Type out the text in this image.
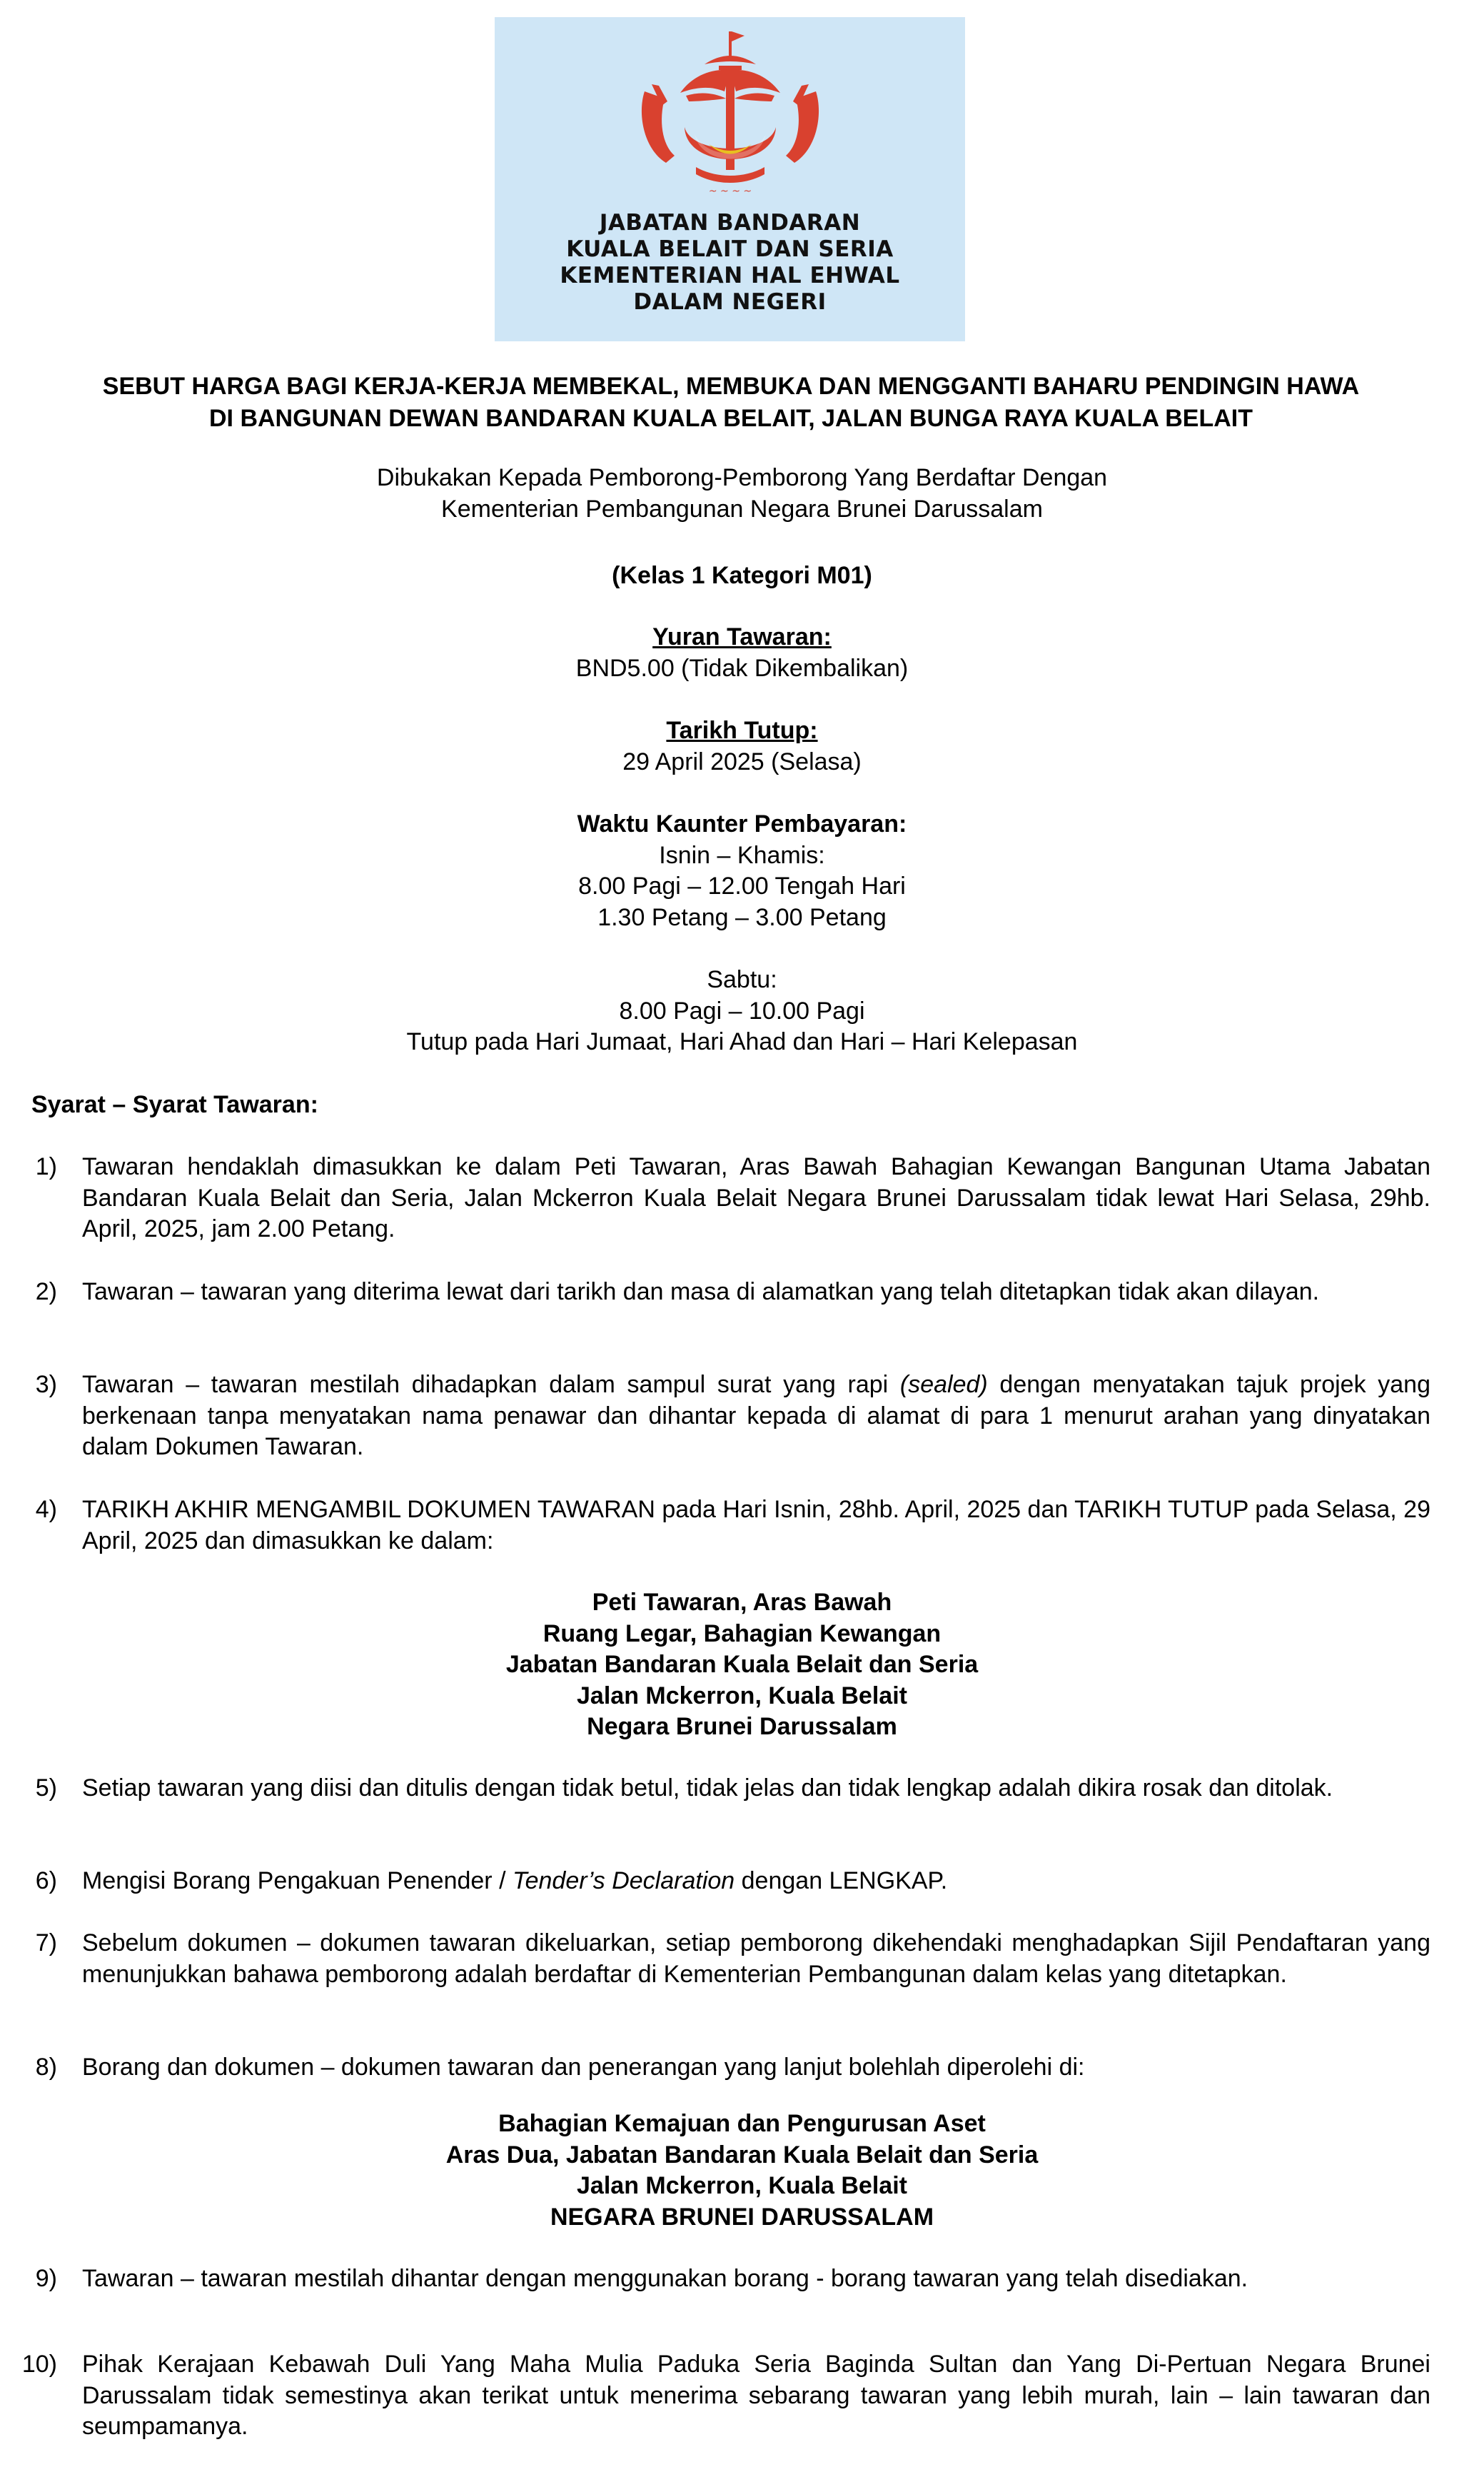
~ ~ ~ ~
JABATAN BANDARAN
KUALA BELAIT DAN SERIA
KEMENTERIAN HAL EHWAL
DALAM NEGERI
SEBUT HARGA BAGI KERJA-KERJA MEMBEKAL, MEMBUKA DAN MENGGANTI BAHARU PENDINGIN HAWA
DI BANGUNAN DEWAN BANDARAN KUALA BELAIT, JALAN BUNGA RAYA KUALA BELAIT
Dibukakan Kepada Pemborong-Pemborong Yang Berdaftar Dengan
Kementerian Pembangunan Negara Brunei Darussalam
(Kelas 1 Kategori M01)
Yuran Tawaran:
BND5.00 (Tidak Dikembalikan)
Tarikh Tutup:
29 April 2025 (Selasa)
Waktu Kaunter Pembayaran:
Isnin – Khamis:
8.00 Pagi – 12.00 Tengah Hari
1.30 Petang – 3.00 Petang
Sabtu:
8.00 Pagi – 10.00 Pagi
Tutup pada Hari Jumaat, Hari Ahad dan Hari – Hari Kelepasan
Syarat – Syarat Tawaran:
1) Tawaran hendaklah dimasukkan ke dalam Peti Tawaran, Aras Bawah Bahagian Kewangan Bangunan Utama Jabatan Bandaran Kuala Belait dan Seria, Jalan Mckerron Kuala Belait Negara Brunei Darussalam tidak lewat Hari Selasa, 29hb. April, 2025, jam 2.00 Petang.
2) Tawaran – tawaran yang diterima lewat dari tarikh dan masa di alamatkan yang telah ditetapkan tidak akan dilayan.
3) Tawaran – tawaran mestilah dihadapkan dalam sampul surat yang rapi (sealed) dengan menyatakan tajuk projek yang berkenaan tanpa menyatakan nama penawar dan dihantar kepada di alamat di para 1 menurut arahan yang dinyatakan dalam Dokumen Tawaran.
4) TARIKH AKHIR MENGAMBIL DOKUMEN TAWARAN pada Hari Isnin, 28hb. April, 2025 dan TARIKH TUTUP pada Selasa, 29 April, 2025 dan dimasukkan ke dalam:
Peti Tawaran, Aras Bawah
Ruang Legar, Bahagian Kewangan
Jabatan Bandaran Kuala Belait dan Seria
Jalan Mckerron, Kuala Belait
Negara Brunei Darussalam
5) Setiap tawaran yang diisi dan ditulis dengan tidak betul, tidak jelas dan tidak lengkap adalah dikira rosak dan ditolak.
6) Mengisi Borang Pengakuan Penender / Tender’s Declaration dengan LENGKAP.
7) Sebelum dokumen – dokumen tawaran dikeluarkan, setiap pemborong dikehendaki menghadapkan Sijil Pendaftaran yang menunjukkan bahawa pemborong adalah berdaftar di Kementerian Pembangunan dalam kelas yang ditetapkan.
8) Borang dan dokumen – dokumen tawaran dan penerangan yang lanjut bolehlah diperolehi di:
Bahagian Kemajuan dan Pengurusan Aset
Aras Dua, Jabatan Bandaran Kuala Belait dan Seria
Jalan Mckerron, Kuala Belait
NEGARA BRUNEI DARUSSALAM
9) Tawaran – tawaran mestilah dihantar dengan menggunakan borang - borang tawaran yang telah disediakan.
10) Pihak Kerajaan Kebawah Duli Yang Maha Mulia Paduka Seria Baginda Sultan dan Yang Di-Pertuan Negara Brunei Darussalam tidak semestinya akan terikat untuk menerima sebarang tawaran yang lebih murah, lain – lain tawaran dan seumpamanya.
